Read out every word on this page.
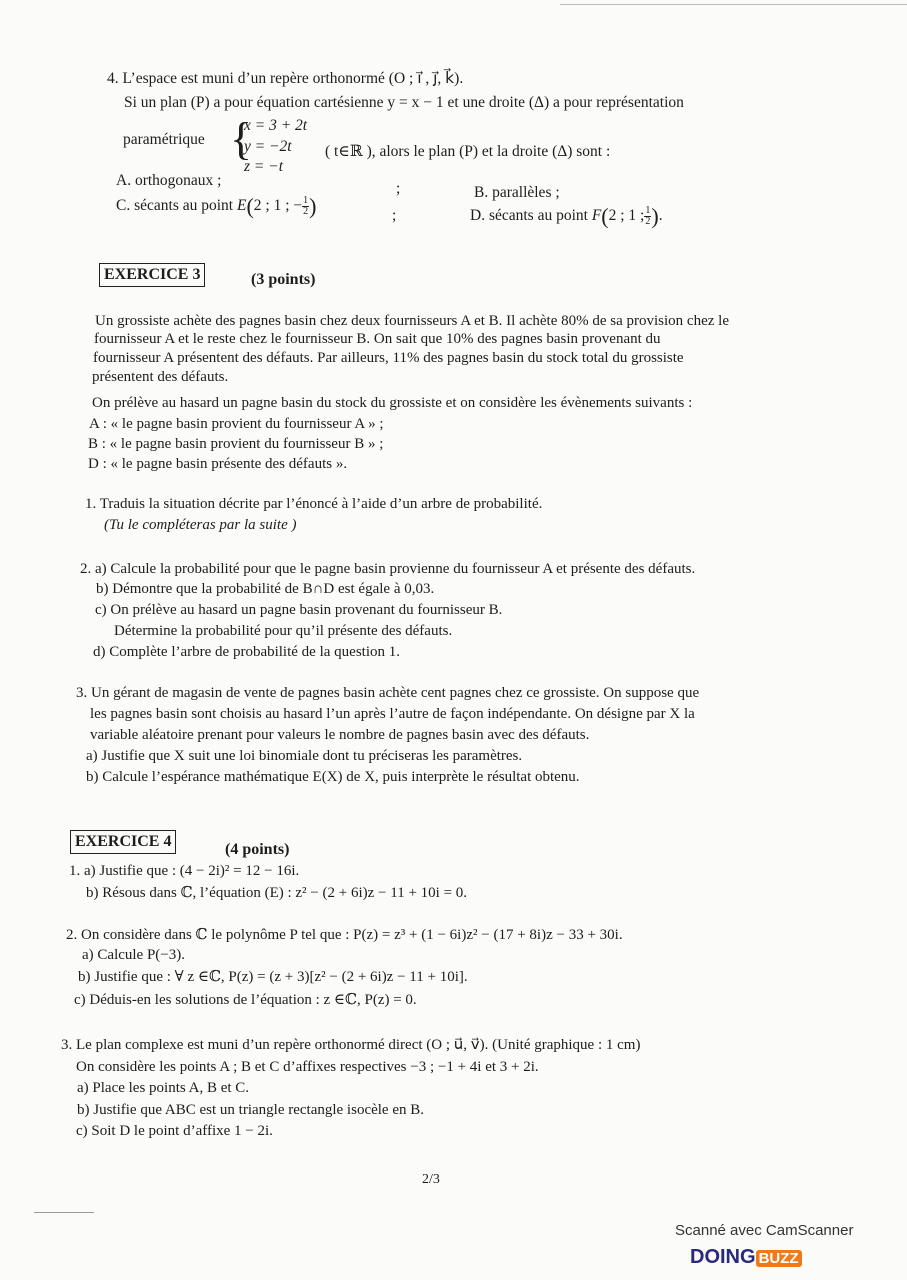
4. L’espace est muni d’un repère orthonormé (O ; ı⃗ , ȷ⃗, k⃗).
Si un plan (P) a pour équation cartésienne y = x − 1 et une droite (Δ) a pour représentation
paramétrique {
x = 3 + 2t
y = −2t
z = −t
( t∈ℝ ), alors le plan (P) et la droite (Δ) sont :
A. orthogonaux ;	;	B. parallèles ;
C. sécants au point E(2 ; 1 ; − $\frac{1}{2}$ )	;	D. sécants au point F(2 ; 1 ; $\frac{1}{2}$ ).
EXERCICE 3	(3 points)
Un grossiste achète des pagnes basin chez deux fournisseurs A et B. Il achète 80% de sa provision chez le
fournisseur A et le reste chez le fournisseur B. On sait que 10% des pagnes basin provenant du
fournisseur A présentent des défauts. Par ailleurs, 11% des pagnes basin du stock total du grossiste
présentent des défauts.
On prélève au hasard un pagne basin du stock du grossiste et on considère les évènements suivants :
A : « le pagne basin provient du fournisseur A » ;
B : « le pagne basin provient du fournisseur B » ;
D : « le pagne basin présente des défauts ».
1. Traduis la situation décrite par l’énoncé à l’aide d’un arbre de probabilité.
(Tu le compléteras par la suite )
2. a) Calcule la probabilité pour que le pagne basin provienne du fournisseur A et présente des défauts.
b) Démontre que la probabilité de B∩D est égale à 0,03.
c) On prélève au hasard un pagne basin provenant du fournisseur B.
Détermine la probabilité pour qu’il présente des défauts.
d) Complète l’arbre de probabilité de la question 1.
3. Un gérant de magasin de vente de pagnes basin achète cent pagnes chez ce grossiste. On suppose que
les pagnes basin sont choisis au hasard l’un après l’autre de façon indépendante. On désigne par X la
variable aléatoire prenant pour valeurs le nombre de pagnes basin avec des défauts.
a) Justifie que X suit une loi binomiale dont tu préciseras les paramètres.
b) Calcule l’espérance mathématique E(X) de X, puis interprète le résultat obtenu.
EXERCICE 4	(4 points)
1. a) Justifie que : (4 − 2i)² = 12 − 16i.
b) Résous dans ℂ, l’équation (E) : z² − (2 + 6i)z − 11 + 10i = 0.
2. On considère dans ℂ le polynôme P tel que : P(z) = z³ + (1 − 6i)z² − (17 + 8i)z − 33 + 30i.
a) Calcule P(−3).
b) Justifie que : ∀ z ∈ℂ, P(z) = (z + 3)[z² − (2 + 6i)z − 11 + 10i].
c) Déduis-en les solutions de l’équation : z ∈ℂ, P(z) = 0.
3. Le plan complexe est muni d’un repère orthonormé direct (O ; u⃗, v⃗). (Unité graphique : 1 cm)
On considère les points A ; B et C d’affixes respectives −3 ; −1 + 4i et 3 + 2i.
a) Place les points A, B et C.
b) Justifie que ABC est un triangle rectangle isocèle en B.
c) Soit D le point d’affixe 1 − 2i.
2/3
Scanné avec CamScanner
DOING BUZZ
